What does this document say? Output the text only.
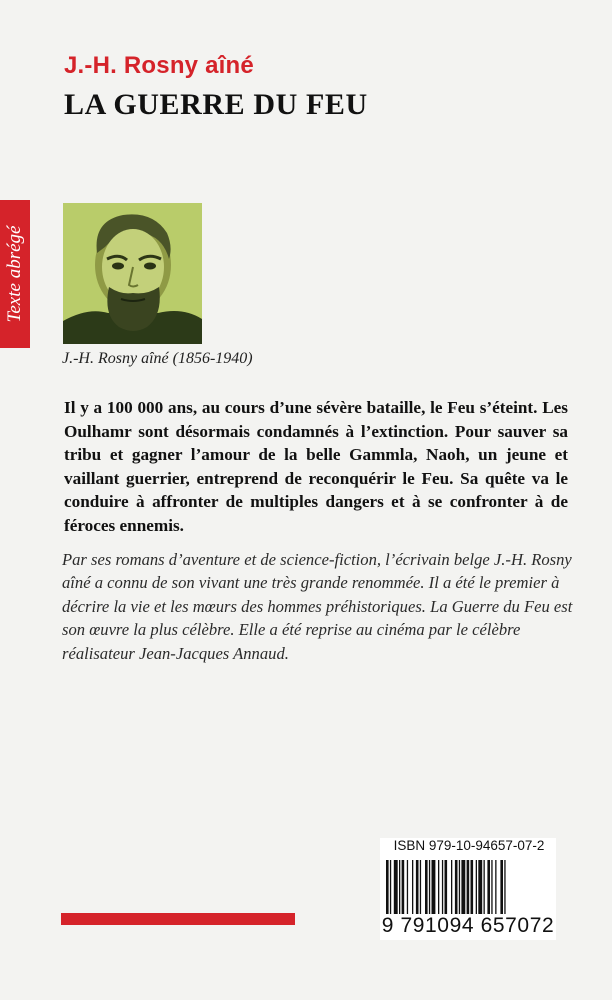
J.-H. Rosny aîné
LA GUERRE DU FEU
Texte abrégé
J.-H. Rosny aîné (1856-1940)

Il y a 100 000 ans, au cours d’une sévère bataille, le Feu s’éteint. Les Oulhamr sont désormais condamnés à l’extinction. Pour sauver sa tribu et gagner l’amour de la belle Gammla, Naoh, un jeune et vaillant guerrier, entreprend de reconquérir le Feu. Sa quête va le conduire à affronter de multiples dangers et à se confronter à de féroces ennemis.

Par ses romans d’aventure et de science-fiction, l’écrivain belge J.-H. Rosny aîné a connu de son vivant une très grande renommée. Il a été le premier à décrire la vie et les mœurs des hommes préhistoriques. La Guerre du Feu est son œuvre la plus célèbre. Elle a été reprise au cinéma par le célèbre réalisateur Jean-Jacques Annaud.

ISBN 979-10-94657-07-2
9 791094 657072
